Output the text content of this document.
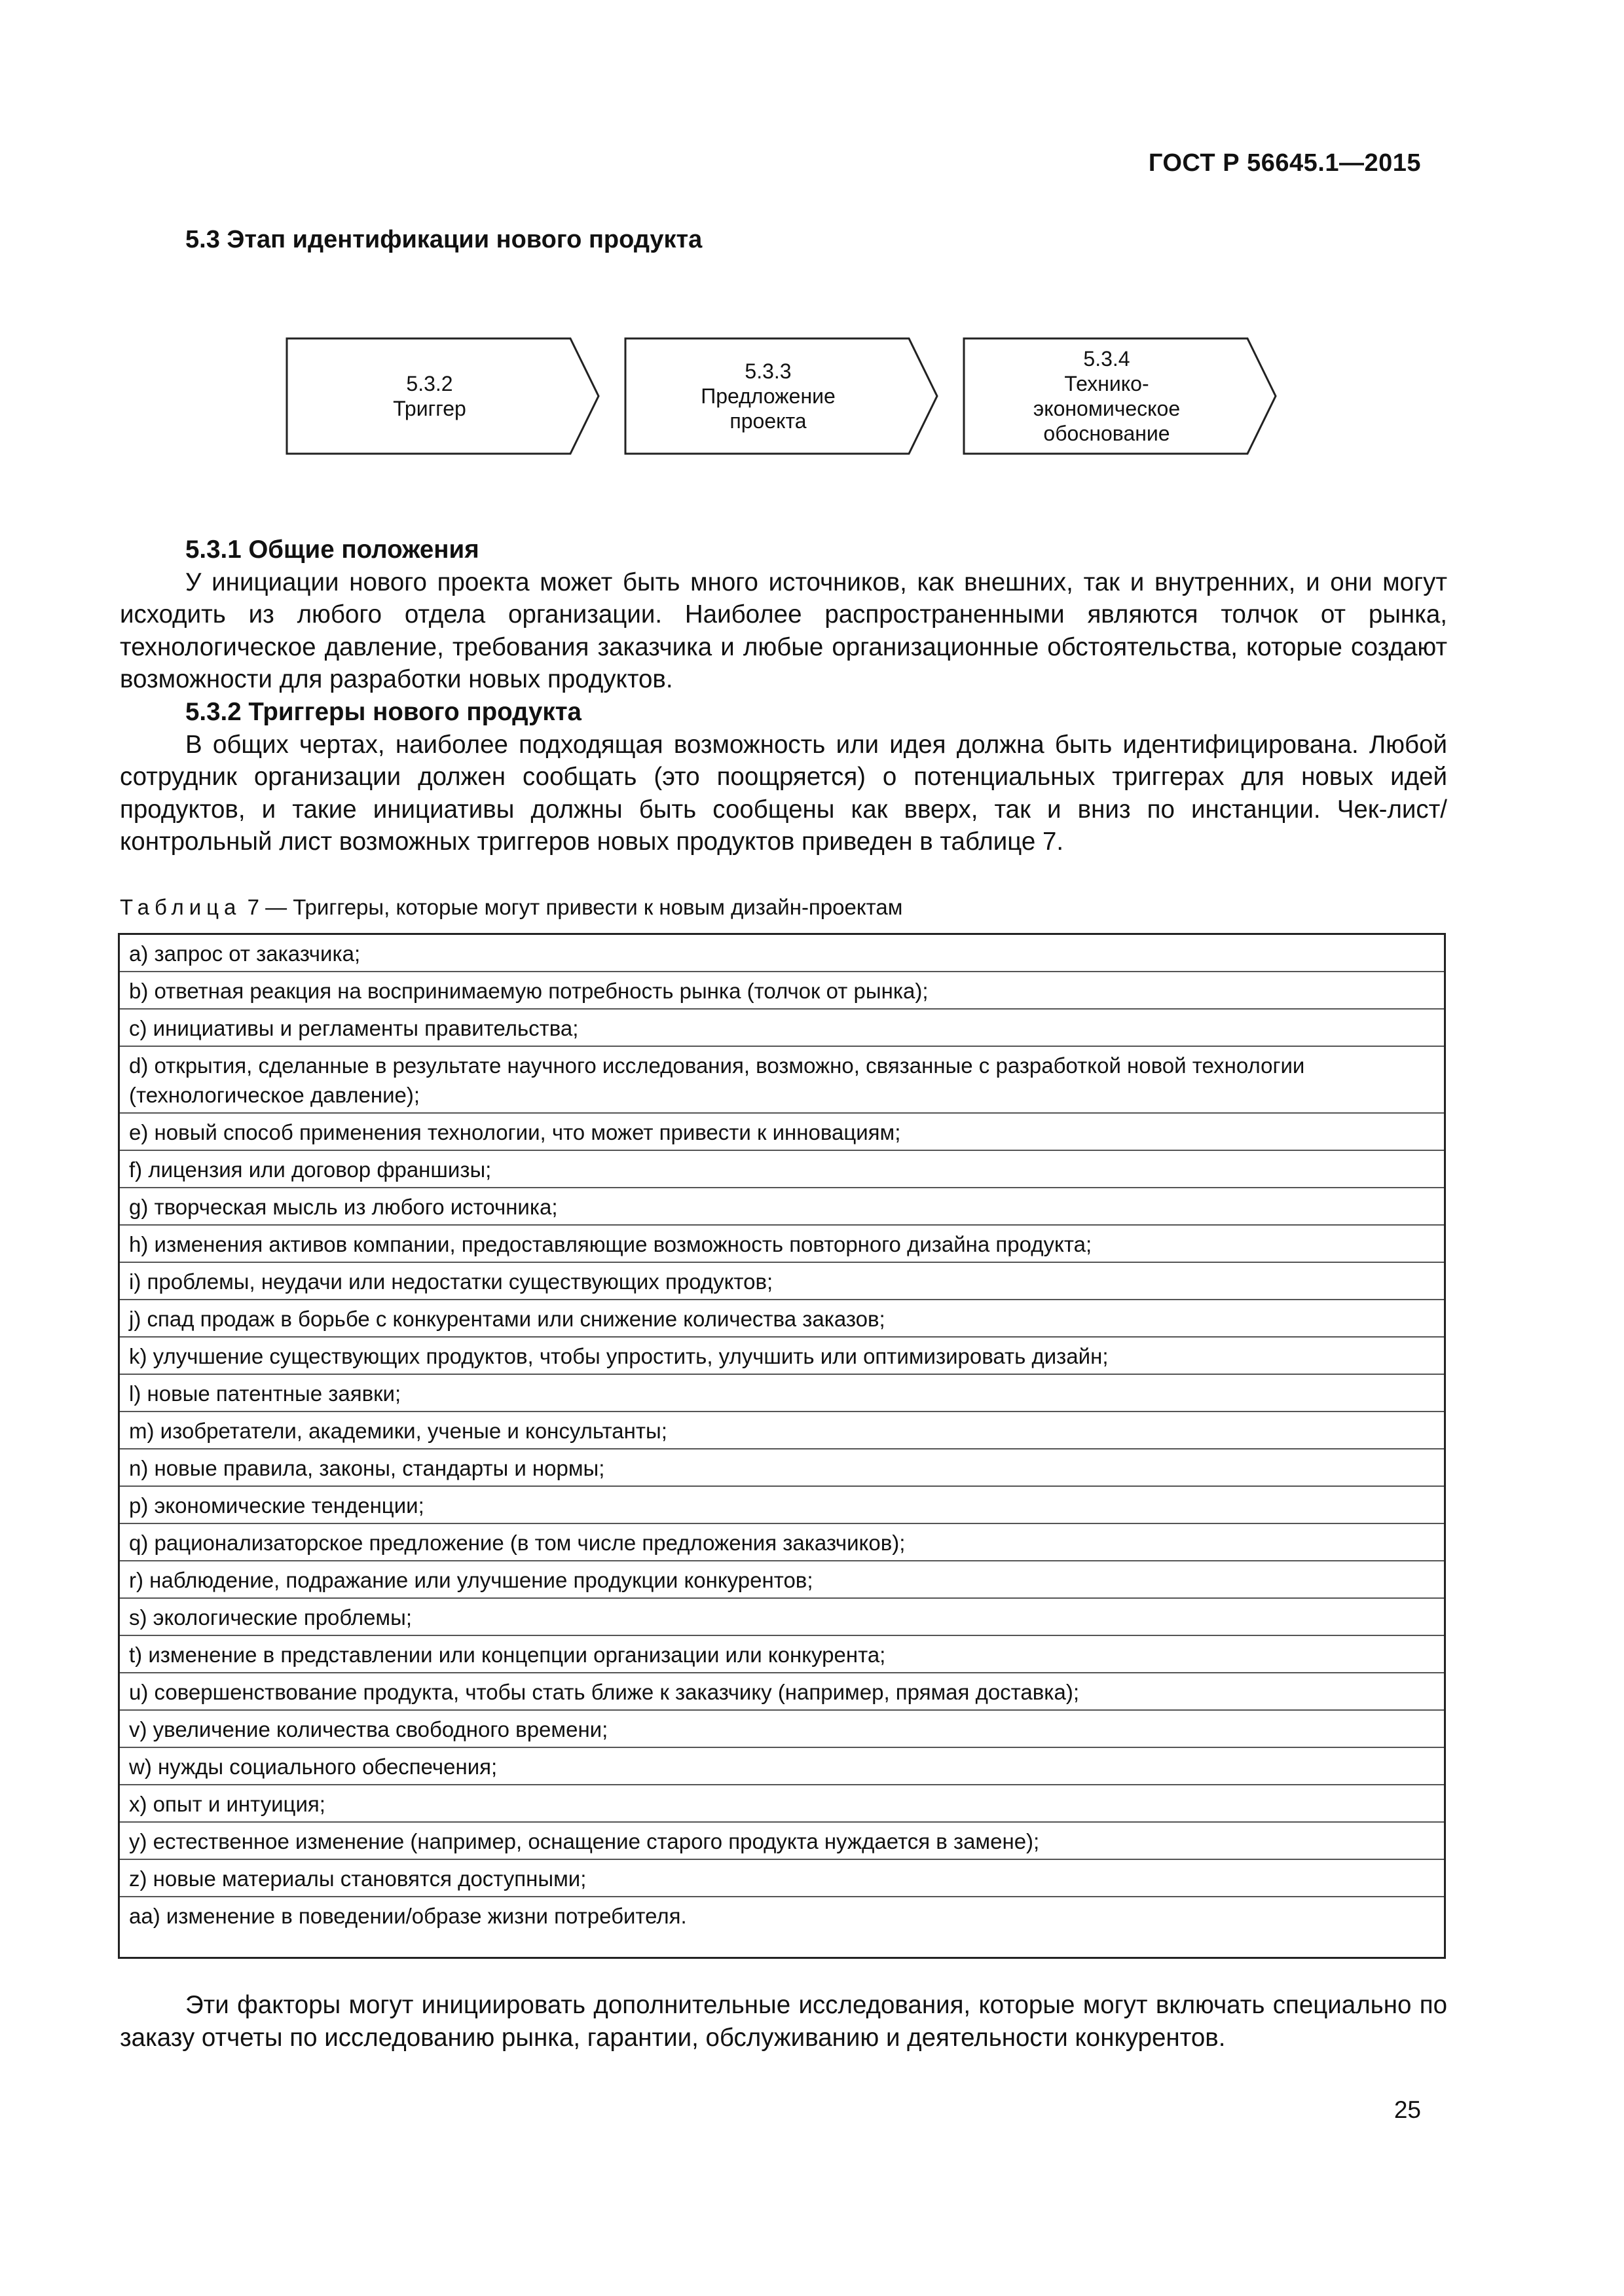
ГОСТ Р 56645.1—2015
5.3 Этап идентификации нового продукта
5.3.2
Триггер
5.3.3
Предложение
проекта
5.3.4
Технико-
экономическое
обоснование
5.3.1 Общие положения

У инициации нового проекта может быть много источников, как внешних, так и внутренних, и они могут исходить из любого отдела организации. Наиболее распространенными являются толчок от рынка, технологическое давление, требования заказчика и любые организационные обстоятельства, которые создают возможности для разработки новых продуктов.

5.3.2 Триггеры нового продукта

В общих чертах, наиболее подходящая возможность или идея должна быть идентифицирована. Любой сотрудник организации должен сообщать (это поощряется) о потенциальных триггерах для новых идей продуктов, и такие инициативы должны быть сообщены как вверх, так и вниз по инстанции. Чек-лист/контрольный лист возможных триггеров новых продуктов приведен в таблице 7.

Таблица 7 — Триггеры, которые могут привести к новым дизайн-проектам
a) запрос от заказчика;
b) ответная реакция на воспринимаемую потребность рынка (толчок от рынка);
c) инициативы и регламенты правительства;
d) открытия, сделанные в результате научного исследования, возможно, связанные с разработкой новой технологии (технологическое давление);
e) новый способ применения технологии, что может привести к инновациям;
f) лицензия или договор франшизы;
g) творческая мысль из любого источника;
h) изменения активов компании, предоставляющие возможность повторного дизайна продукта;
i) проблемы, неудачи или недостатки существующих продуктов;
j) спад продаж в борьбе с конкурентами или снижение количества заказов;
k) улучшение существующих продуктов, чтобы упростить, улучшить или оптимизировать дизайн;
l) новые патентные заявки;
m) изобретатели, академики, ученые и консультанты;
n) новые правила, законы, стандарты и нормы;
p) экономические тенденции;
q) рационализаторское предложение (в том числе предложения заказчиков);
r) наблюдение, подражание или улучшение продукции конкурентов;
s) экологические проблемы;
t) изменение в представлении или концепции организации или конкурента;
u) совершенствование продукта, чтобы стать ближе к заказчику (например, прямая доставка);
v) увеличение количества свободного времени;
w) нужды социального обеспечения;
x) опыт и интуиция;
y) естественное изменение (например, оснащение старого продукта нуждается в замене);
z) новые материалы становятся доступными;
aa) изменение в поведении/образе жизни потребителя.

Эти факторы могут инициировать дополнительные исследования, которые могут включать специально по заказу отчеты по исследованию рынка, гарантии, обслуживанию и деятельности конкурентов.

25
